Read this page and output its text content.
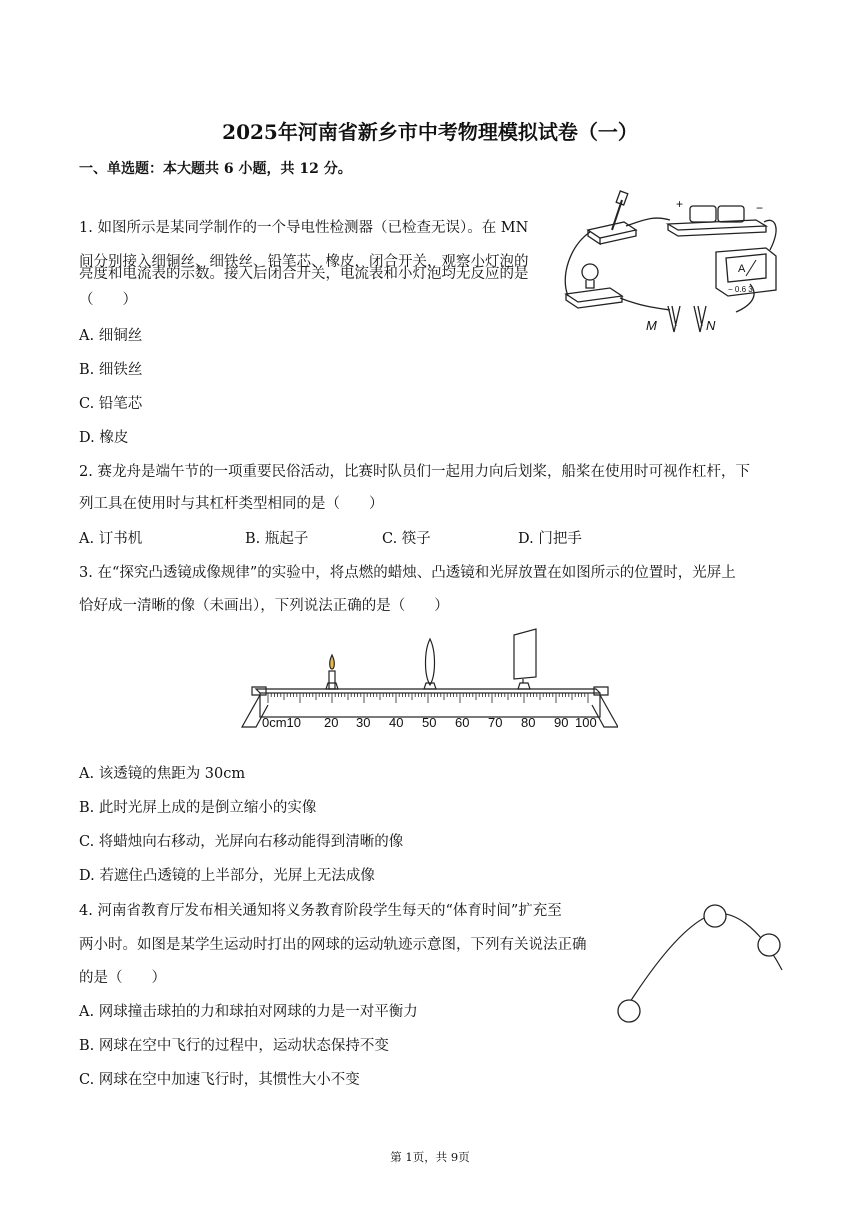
2025年河南省新乡市中考物理模拟试卷（一）
一、单选题：本大题共 6 小题，共 12 分。
1. 如图所示是某同学制作的一个导电性检测器（已检查无误）。在 MN
间分别接入细铜丝、细铁丝、铅笔芯、橡皮，闭合开关，观察小灯泡的
亮度和电流表的示数。接入后闭合开关，电流表和小灯泡均无反应的是
（　　）
A. 细铜丝
B. 细铁丝
C. 铅笔芯
D. 橡皮
+	−
A
− 0.6 3
M	N
2. 赛龙舟是端午节的一项重要民俗活动，比赛时队员们一起用力向后划桨，船桨在使用时可视作杠杆，下
列工具在使用时与其杠杆类型相同的是（　　）
A. 订书机	B. 瓶起子	C. 筷子	D. 门把手
3. 在“探究凸透镜成像规律”的实验中，将点燃的蜡烛、凸透镜和光屏放置在如图所示的位置时，光屏上
恰好成一清晰的像（未画出），下列说法正确的是（　　）
0cm10 20 30 40 50 60 70 80 90 100
A. 该透镜的焦距为 30cm
B. 此时光屏上成的是倒立缩小的实像
C. 将蜡烛向右移动，光屏向右移动能得到清晰的像
D. 若遮住凸透镜的上半部分，光屏上无法成像
4. 河南省教育厅发布相关通知将义务教育阶段学生每天的“体育时间”扩充至
两小时。如图是某学生运动时打出的网球的运动轨迹示意图，下列有关说法正确
的是（　　）
A. 网球撞击球拍的力和球拍对网球的力是一对平衡力
B. 网球在空中飞行的过程中，运动状态保持不变
C. 网球在空中加速飞行时，其惯性大小不变
第 1页，共 9页
